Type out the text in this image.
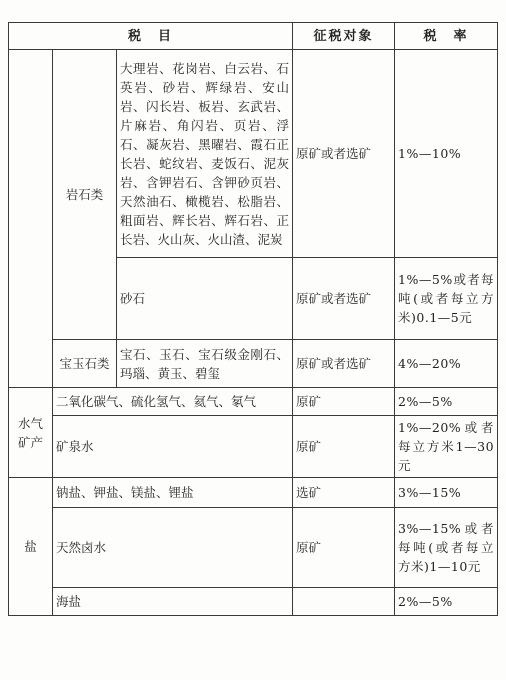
税　目			征税对象	税　率
	岩石类	大理岩、花岗岩、白云岩、石英岩、砂岩、辉绿岩、安山岩、闪长岩、板岩、玄武岩、片麻岩、角闪岩、页岩、浮石、凝灰岩、黑曜岩、霞石正长岩、蛇纹岩、麦饭石、泥灰岩、含钾岩石、含钾砂页岩、天然油石、橄榄岩、松脂岩、粗面岩、辉长岩、辉石岩、正长岩、火山灰、火山渣、泥炭	原矿或者选矿	1%—10%
		砂石	原矿或者选矿	1%—5%或者每吨(或者每立方米)0.1—5元
	宝玉石类	宝石、玉石、宝石级金刚石、玛瑙、黄玉、碧玺	原矿或者选矿	4%—20%
水气矿产	二氧化碳气、硫化氢气、氦气、氡气		原矿	2%—5%
	矿泉水		原矿	1%—20%或者每立方米1—30元
盐	钠盐、钾盐、镁盐、锂盐		选矿	3%—15%
	天然卤水		原矿	3%—15%或者每吨(或者每立方米)1—10元
	海盐			2%—5%
